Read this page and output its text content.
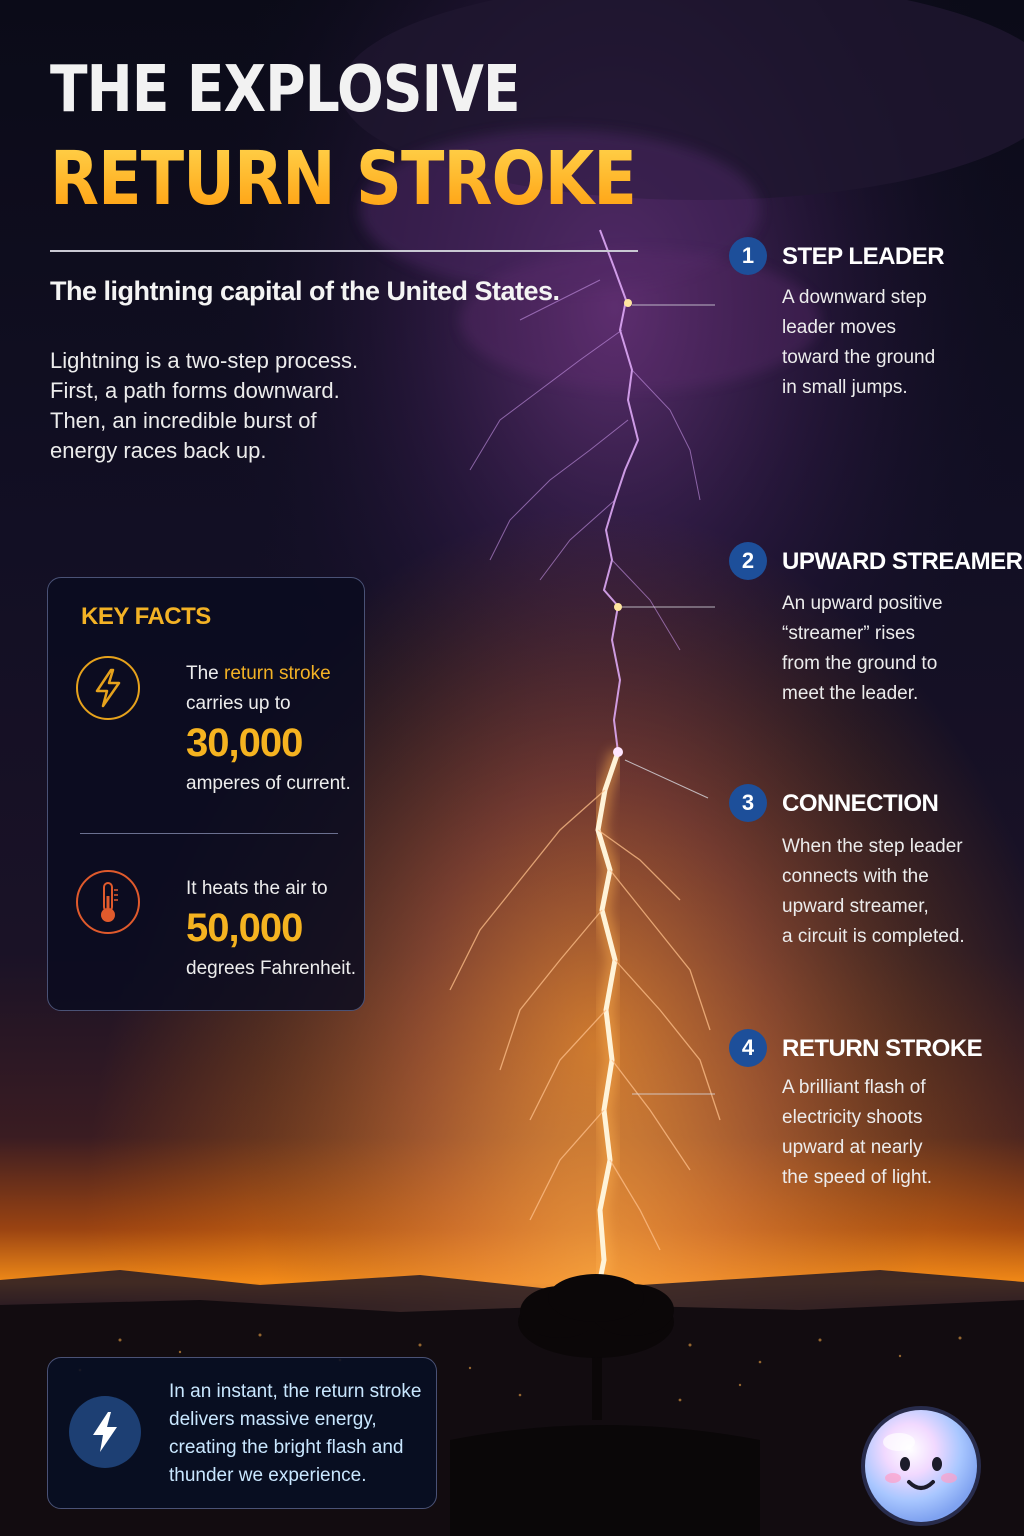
THE EXPLOSIVE
RETURN STROKE
The lightning capital of the United States.
Lightning is a two-step process.
First, a path forms downward.
Then, an incredible burst of
energy races back up.
KEY FACTS
The return stroke
carries up to
30,000
amperes of current.
It heats the air to
50,000
degrees Fahrenheit.
1	STEP LEADER
A downward step
leader moves
toward the ground
in small jumps.
2	UPWARD STREAMER
An upward positive
“streamer” rises
from the ground to
meet the leader.
3	CONNECTION
When the step leader
connects with the
upward streamer,
a circuit is completed.
4	RETURN STROKE
A brilliant flash of
electricity shoots
upward at nearly
the speed of light.
In an instant, the return stroke
delivers massive energy,
creating the bright flash and
thunder we experience.
